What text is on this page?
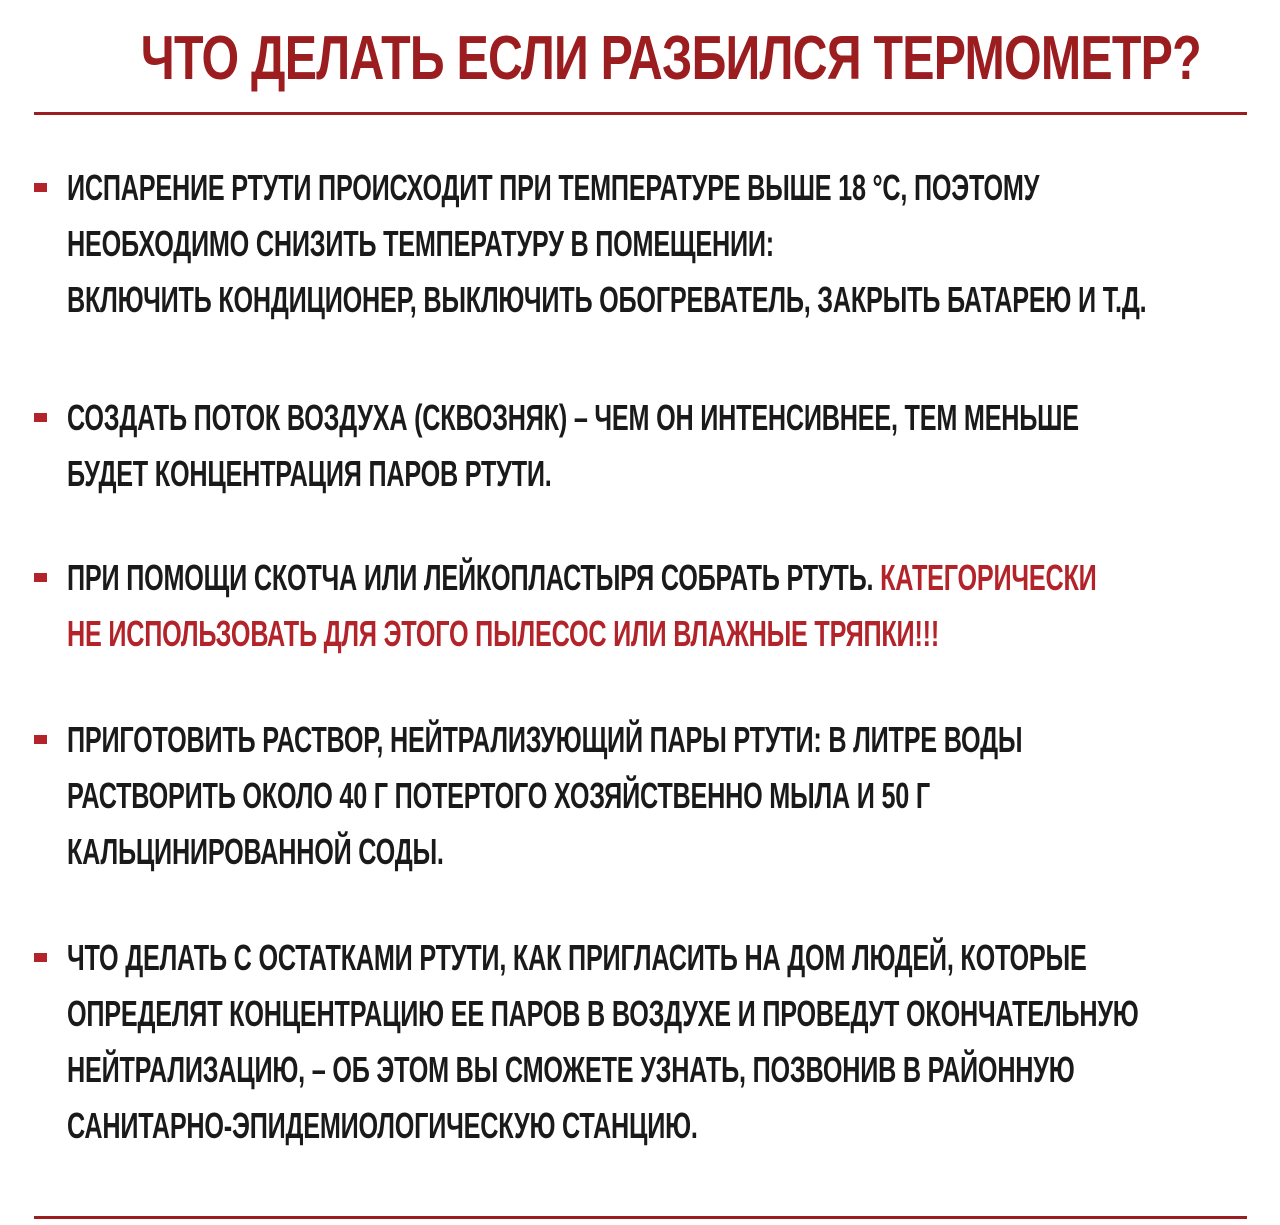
ЧТО ДЕЛАТЬ ЕСЛИ РАЗБИЛСЯ ТЕРМОМЕТР?
ИСПАРЕНИЕ РТУТИ ПРОИСХОДИТ ПРИ ТЕМПЕРАТУРЕ ВЫШЕ 18 °С, ПОЭТОМУ
НЕОБХОДИМО СНИЗИТЬ ТЕМПЕРАТУРУ В ПОМЕЩЕНИИ:
ВКЛЮЧИТЬ КОНДИЦИОНЕР, ВЫКЛЮЧИТЬ ОБОГРЕВАТЕЛЬ, ЗАКРЫТЬ БАТАРЕЮ И Т.Д.
СОЗДАТЬ ПОТОК ВОЗДУХА (СКВОЗНЯК) – ЧЕМ ОН ИНТЕНСИВНЕЕ, ТЕМ МЕНЬШЕ
БУДЕТ КОНЦЕНТРАЦИЯ ПАРОВ РТУТИ.
ПРИ ПОМОЩИ СКОТЧА ИЛИ ЛЕЙКОПЛАСТЫРЯ СОБРАТЬ РТУТЬ. КАТЕГОРИЧЕСКИ
НЕ ИСПОЛЬЗОВАТЬ ДЛЯ ЭТОГО ПЫЛЕСОС ИЛИ ВЛАЖНЫЕ ТРЯПКИ!!!
ПРИГОТОВИТЬ РАСТВОР, НЕЙТРАЛИЗУЮЩИЙ ПАРЫ РТУТИ: В ЛИТРЕ ВОДЫ
РАСТВОРИТЬ ОКОЛО 40 Г ПОТЕРТОГО ХОЗЯЙСТВЕННО МЫЛА И 50 Г
КАЛЬЦИНИРОВАННОЙ СОДЫ.
ЧТО ДЕЛАТЬ С ОСТАТКАМИ РТУТИ, КАК ПРИГЛАСИТЬ НА ДОМ ЛЮДЕЙ, КОТОРЫЕ
ОПРЕДЕЛЯТ КОНЦЕНТРАЦИЮ ЕЕ ПАРОВ В ВОЗДУХЕ И ПРОВЕДУТ ОКОНЧАТЕЛЬНУЮ
НЕЙТРАЛИЗАЦИЮ, – ОБ ЭТОМ ВЫ СМОЖЕТЕ УЗНАТЬ, ПОЗВОНИВ В РАЙОННУЮ
САНИТАРНО-ЭПИДЕМИОЛОГИЧЕСКУЮ СТАНЦИЮ.
